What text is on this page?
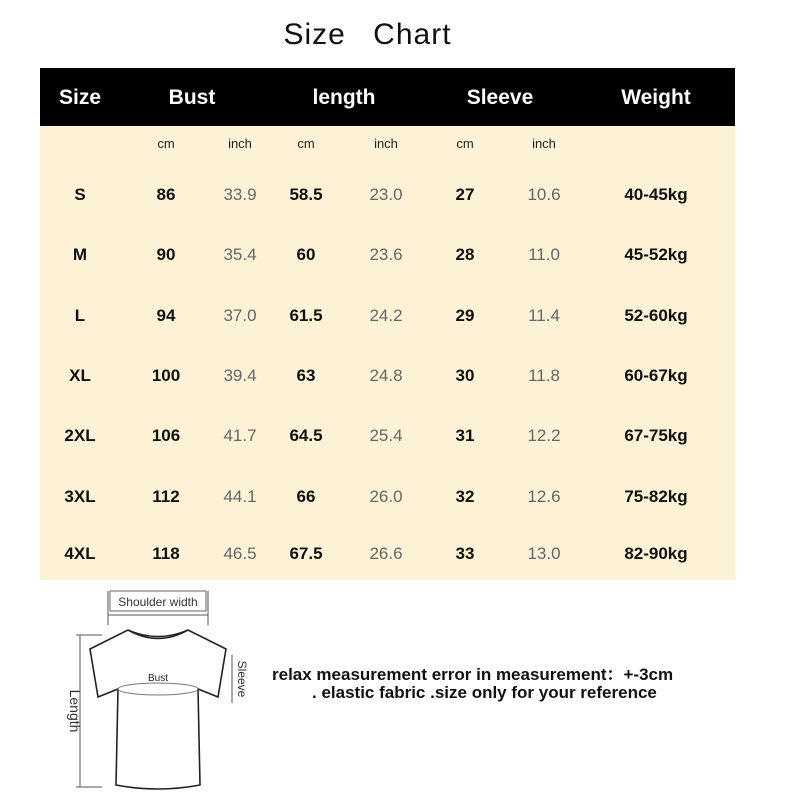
Size Chart
Size	Bust	length	Sleeve	Weight
cm	inch	cm	inch	cm	inch
S	86	33.9	58.5	23.0	27	10.6	40-45kg
M	90	35.4	60	23.6	28	11.0	45-52kg
L	94	37.0	61.5	24.2	29	11.4	52-60kg
XL	100	39.4	63	24.8	30	11.8	60-67kg
2XL	106	41.7	64.5	25.4	31	12.2	67-75kg
3XL	112	44.1	66	26.0	32	12.6	75-82kg
4XL	118	46.5	67.5	26.6	33	13.0	82-90kg
Shoulder width
Length
Sleeve
Bust	relax measurement error in measurement：+-3cm
. elastic fabric .size only for your reference
